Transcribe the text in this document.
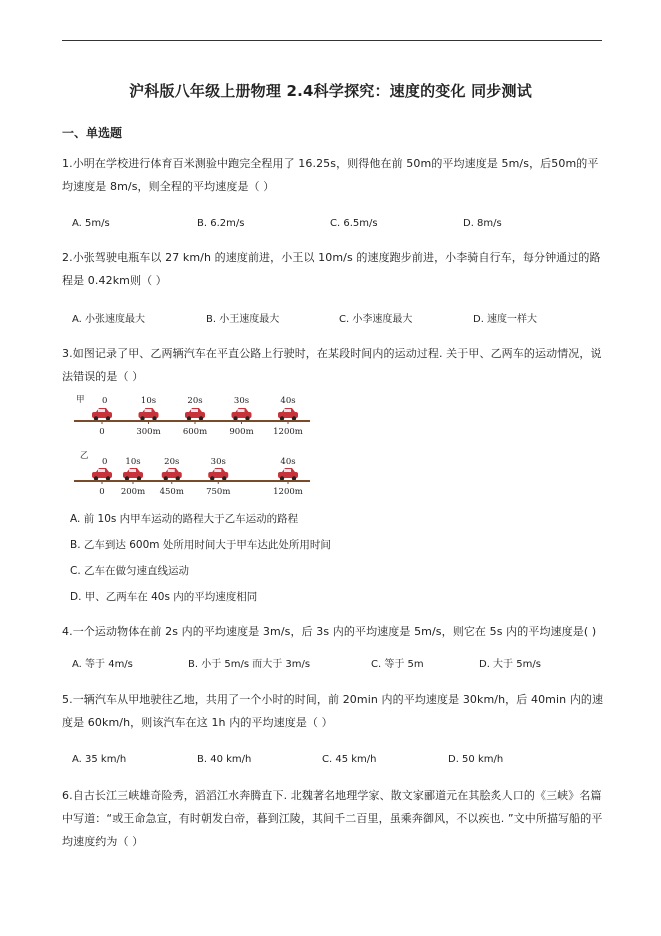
沪科版八年级上册物理 2.4科学探究：速度的变化 同步测试
一、单选题
1.小明在学校进行体育百米测验中跑完全程用了 16.25s，则得他在前 50m的平均速度是 5m/s，后50m的平均速度是 8m/s，则全程的平均速度是（ ）
A. 5m/s	B. 6.2m/s	C. 6.5m/s	D. 8m/s
2.小张驾驶电瓶车以 27 km/h 的速度前进，小王以 10m/s 的速度跑步前进，小李骑自行车，每分钟通过的路程是 0.42km则（ ）
A. 小张速度最大	B. 小王速度最大	C. 小李速度最大	D. 速度一样大
3.如图记录了甲、乙两辆汽车在平直公路上行驶时，在某段时间内的运动过程. 关于甲、乙两车的运动情况，说法错误的是（ ）
甲 0	10s	20s	30s	40s
0	300m	600m	900m 1200m
乙
0 10s	20s	30s	40s
0 200m 450m	750m	1200m
A. 前 10s 内甲车运动的路程大于乙车运动的路程
B. 乙车到达 600m 处所用时间大于甲车达此处所用时间
C. 乙车在做匀速直线运动
D. 甲、乙两车在 40s 内的平均速度相同
4.一个运动物体在前 2s 内的平均速度是 3m/s，后 3s 内的平均速度是 5m/s，则它在 5s 内的平均速度是( )
A. 等于 4m/s	B. 小于 5m/s 而大于 3m/s	C. 等于 5m	D. 大于 5m/s
5.一辆汽车从甲地驶往乙地，共用了一个小时的时间，前 20min 内的平均速度是 30km/h，后 40min 内的速度是 60km/h，则该汽车在这 1h 内的平均速度是（ ）
A. 35 km/h	B. 40 km/h	C. 45 km/h	D. 50 km/h
6.自古长江三峡雄奇险秀，滔滔江水奔腾直下. 北魏著名地理学家、散文家郦道元在其脍炙人口的《三峡》名篇中写道：“或王命急宣，有时朝发白帝，暮到江陵，其间千二百里，虽乘奔御风，不以疾也. ”文中所描写船的平均速度约为（ ）
